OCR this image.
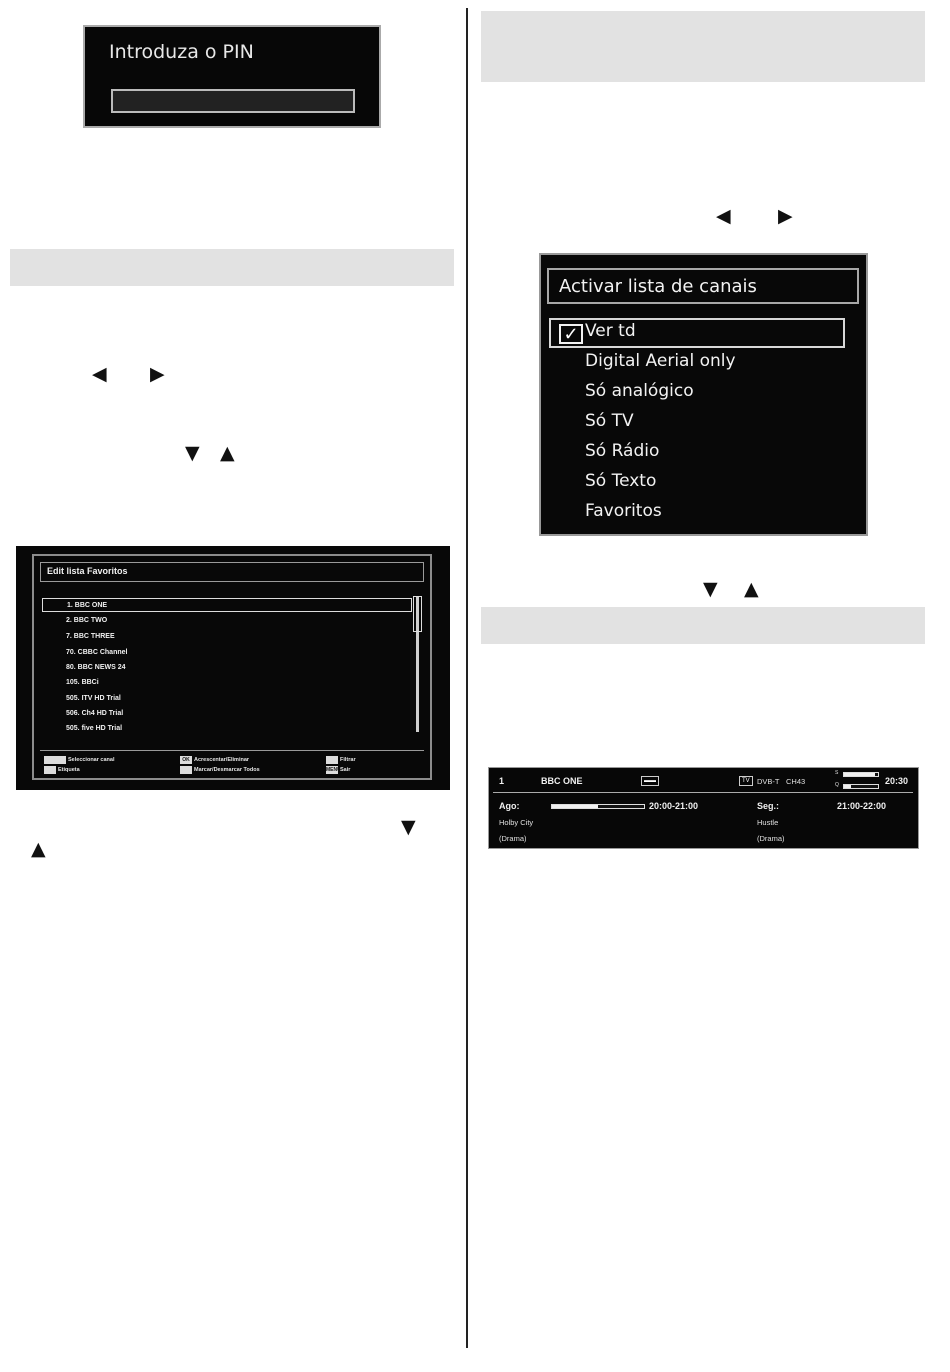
Introduza o PIN
◀ ▶
▼ ▲
Edit lista Favoritos
1. BBC ONE
2. BBC TWO
7. BBC THREE
70. CBBC Channel
80. BBC NEWS 24
105. BBCi
505. ITV HD Trial
506. Ch4 HD Trial
505. five HD Trial
Seleccionar canal
Etiqueta
OK Acrescentar/Eliminar
Marcar/Desmarcar Todos
Filtrar
MENU Sair
▼
▲
◀ ▶
Activar lista de canais
✓ Ver td
Digital Aerial only
Só analógico
Só TV
Só Rádio
Só Texto
Favoritos
▼ ▲
1	BBC ONE	▬▬	TV DVB-T CH43
S
Q	20:30
Ago:	20:00-21:00
Holby City
(Drama)
Seg.:	21:00-22:00
Hustle
(Drama)
